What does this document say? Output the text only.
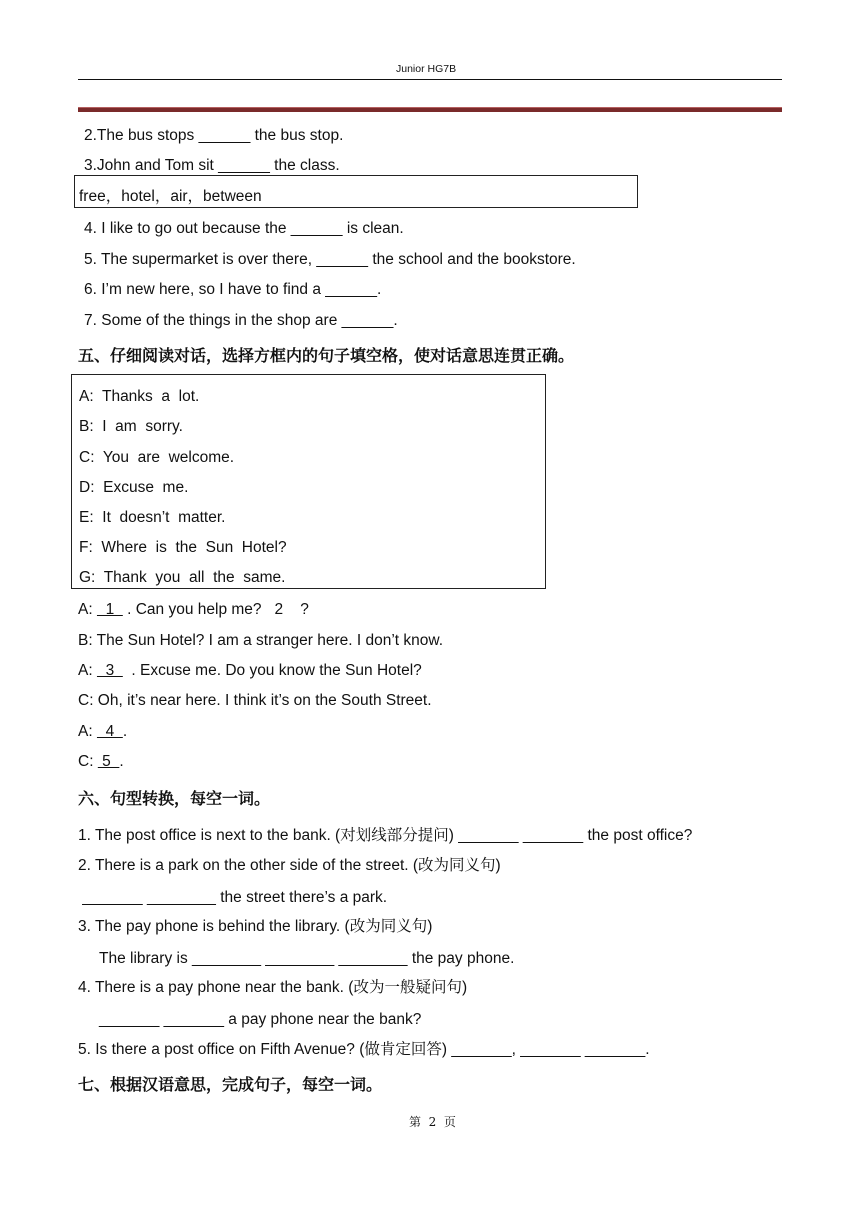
Junior HG7B
2.The bus stops ______ the bus stop.
3.John and Tom sit ______ the class.
free，hotel，air，between
4. I like to go out because the ______ is clean.
5. The supermarket is over there, ______ the school and the bookstore.
6. I’m new here, so I have to find a ______.
7. Some of the things in the shop are ______.
五、仔细阅读对话，选择方框内的句子填空格，使对话意思连贯正确。
A:  Thanks  a  lot.
B:  I  am  sorry.
C:  You  are  welcome.
D:  Excuse  me.
E:  It  doesn’t  matter.
F:  Where  is  the  Sun  Hotel?
G:  Thank  you  all  the  same.
A:   1   . Can you help me?   2    ?
B: The Sun Hotel? I am a stranger here. I don’t know.
A:   3    . Excuse me. Do you know the Sun Hotel?
C: Oh, it’s near here. I think it’s on the South Street.
A:   4  .
C:  5  .
六、句型转换，每空一词。
1. The post office is next to the bank. (对划线部分提问) _______ _______ the post office?
2. There is a park on the other side of the street. (改为同义句)
_______ ________ the street there’s a park.
3. The pay phone is behind the library. (改为同义句)
The library is ________ ________ ________ the pay phone.
4. There is a pay phone near the bank. (改为一般疑问句)
_______ _______ a pay phone near the bank?
5. Is there a post office on Fifth Avenue? (做肯定回答) _______, _______ _______.
七、根据汉语意思，完成句子，每空一词。
第  2  页
